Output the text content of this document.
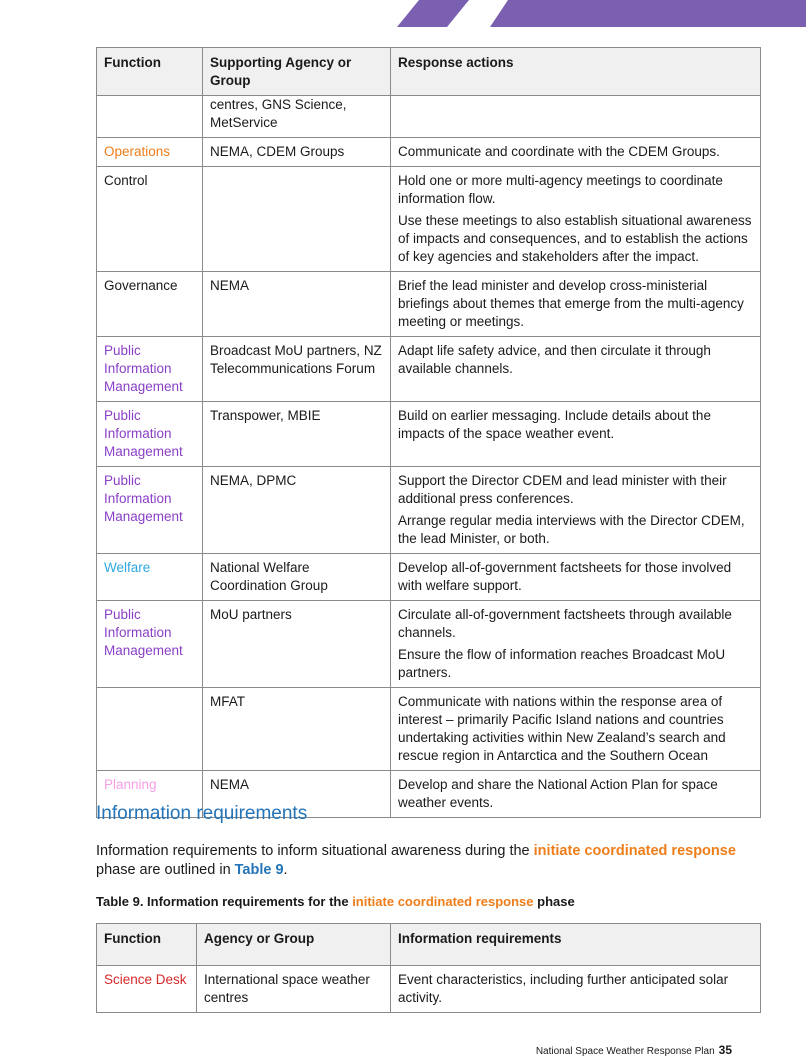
Function	Supporting Agency or Group	Response actions
	centres, GNS Science, MetService	

Operations	NEMA, CDEM Groups	Communicate and coordinate with the CDEM Groups.

Control		Hold one or more multi-agency meetings to coordinate information flow.

Use these meetings to also establish situational awareness of impacts and consequences, and to establish the actions of key agencies and stakeholders after the impact.

Governance	NEMA	Brief the lead minister and develop cross-ministerial briefings about themes that emerge from the multi-agency meeting or meetings.

Public Information Management	Broadcast MoU partners, NZ Telecommunications Forum	Adapt life safety advice, and then circulate it through available channels.

Public Information Management	Transpower, MBIE	Build on earlier messaging. Include details about the impacts of the space weather event.

Public Information Management	NEMA, DPMC	Support the Director CDEM and lead minister with their additional press conferences.

Arrange regular media interviews with the Director CDEM, the lead Minister, or both.

Welfare	National Welfare Coordination Group	Develop all-of-government factsheets for those involved with welfare support.

Public Information Management	MoU partners	Circulate all-of-government factsheets through available channels.

Ensure the flow of information reaches Broadcast MoU partners.

	MFAT	Communicate with nations within the response area of interest – primarily Pacific Island nations and countries undertaking activities within New Zealand’s search and rescue region in Antarctica and the Southern Ocean

Planning	NEMA	Develop and share the National Action Plan for space weather events.

Information requirements

Information requirements to inform situational awareness during the initiate coordinated response phase are outlined in Table 9.

Table 9. Information requirements for the initiate coordinated response phase

Function	Agency or Group	Information requirements
Science Desk	International space weather centres	Event characteristics, including further anticipated solar activity.

National Space Weather Response Plan 35
